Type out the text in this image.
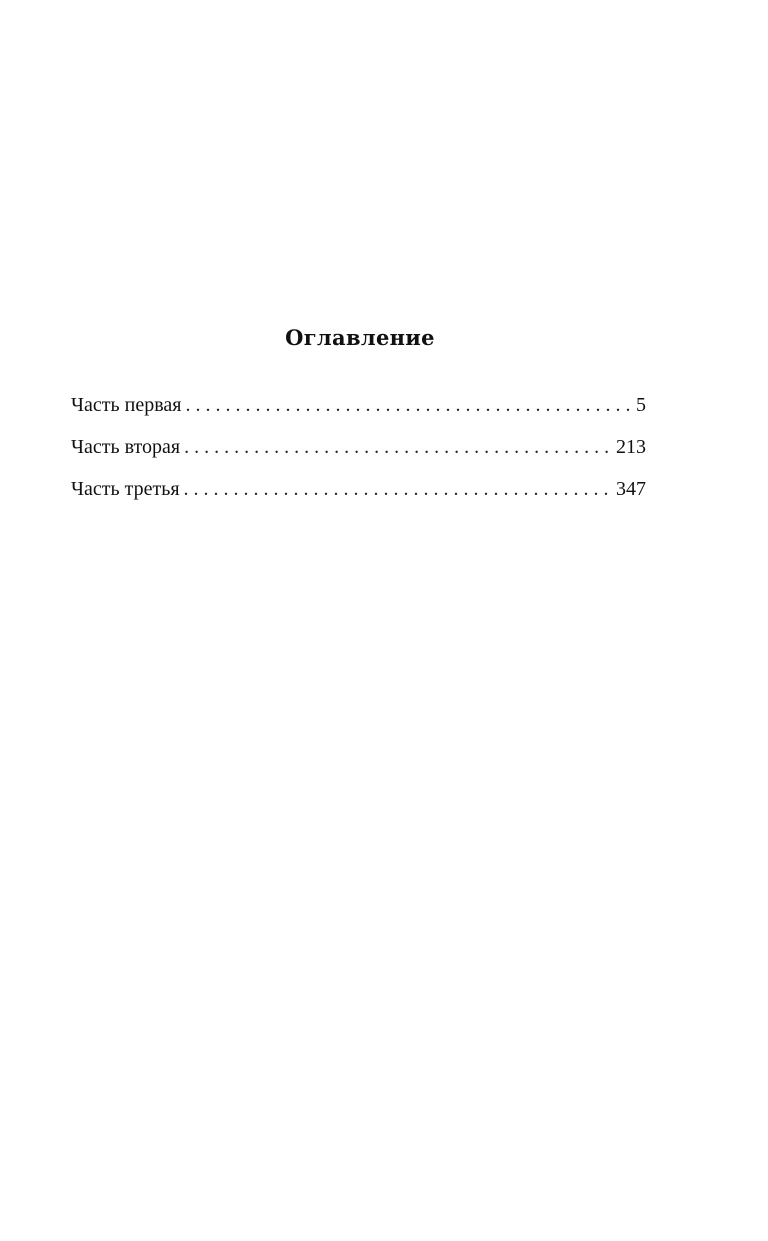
Оглавление
Часть первая . . .	5
Часть вторая . . .	213
Часть третья . . .	347
